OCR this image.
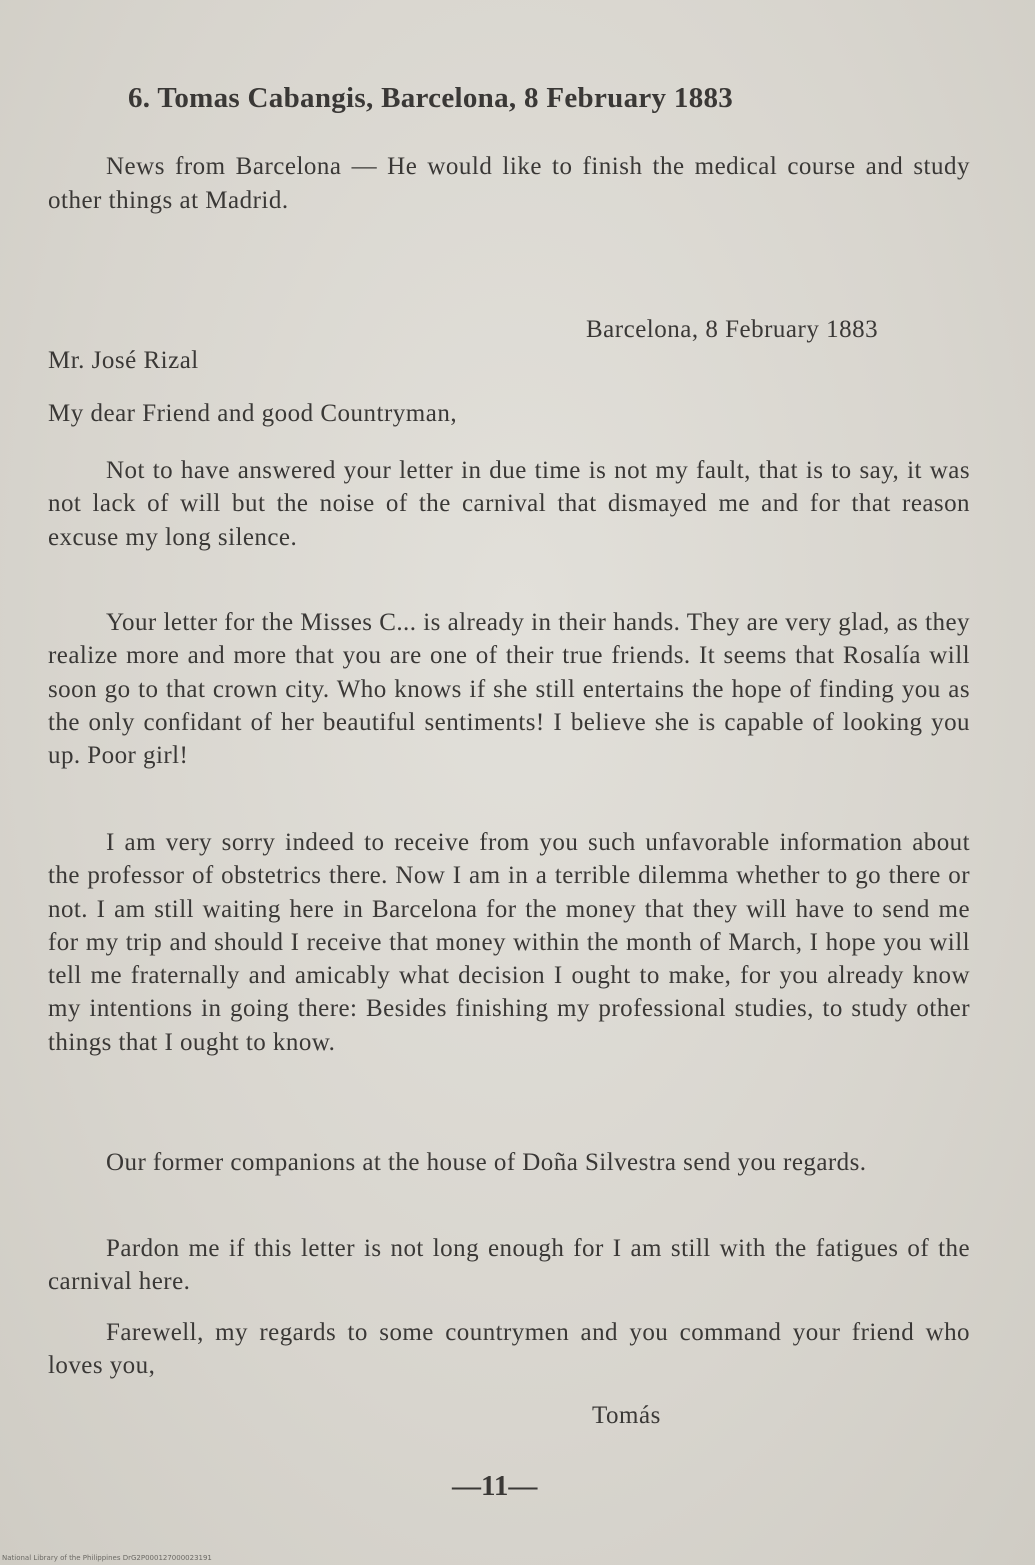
6. Tomas Cabangis, Barcelona, 8 February 1883
News from Barcelona — He would like to finish the medical course and study other things at Madrid.
Barcelona, 8 February 1883
Mr. José Rizal
My dear Friend and good Countryman,

Not to have answered your letter in due time is not my fault, that is to say, it was not lack of will but the noise of the carnival that dismayed me and for that reason excuse my long silence.

Your letter for the Misses C... is already in their hands. They are very glad, as they realize more and more that you are one of their true friends. It seems that Rosalía will soon go to that crown city. Who knows if she still entertains the hope of finding you as the only confidant of her beautiful sentiments! I believe she is capable of looking you up. Poor girl!

I am very sorry indeed to receive from you such unfavorable information about the professor of obstetrics there. Now I am in a terrible dilemma whether to go there or not. I am still waiting here in Barcelona for the money that they will have to send me for my trip and should I receive that money within the month of March, I hope you will tell me fraternally and amicably what decision I ought to make, for you already know my intentions in going there: Besides finishing my professional studies, to study other things that I ought to know.

Our former companions at the house of Doña Silvestra send you regards.

Pardon me if this letter is not long enough for I am still with the fatigues of the carnival here.

Farewell, my regards to some countrymen and you command your friend who loves you,

Tomás
—11—
National Library of the Philippines DrG2P000127000023191
